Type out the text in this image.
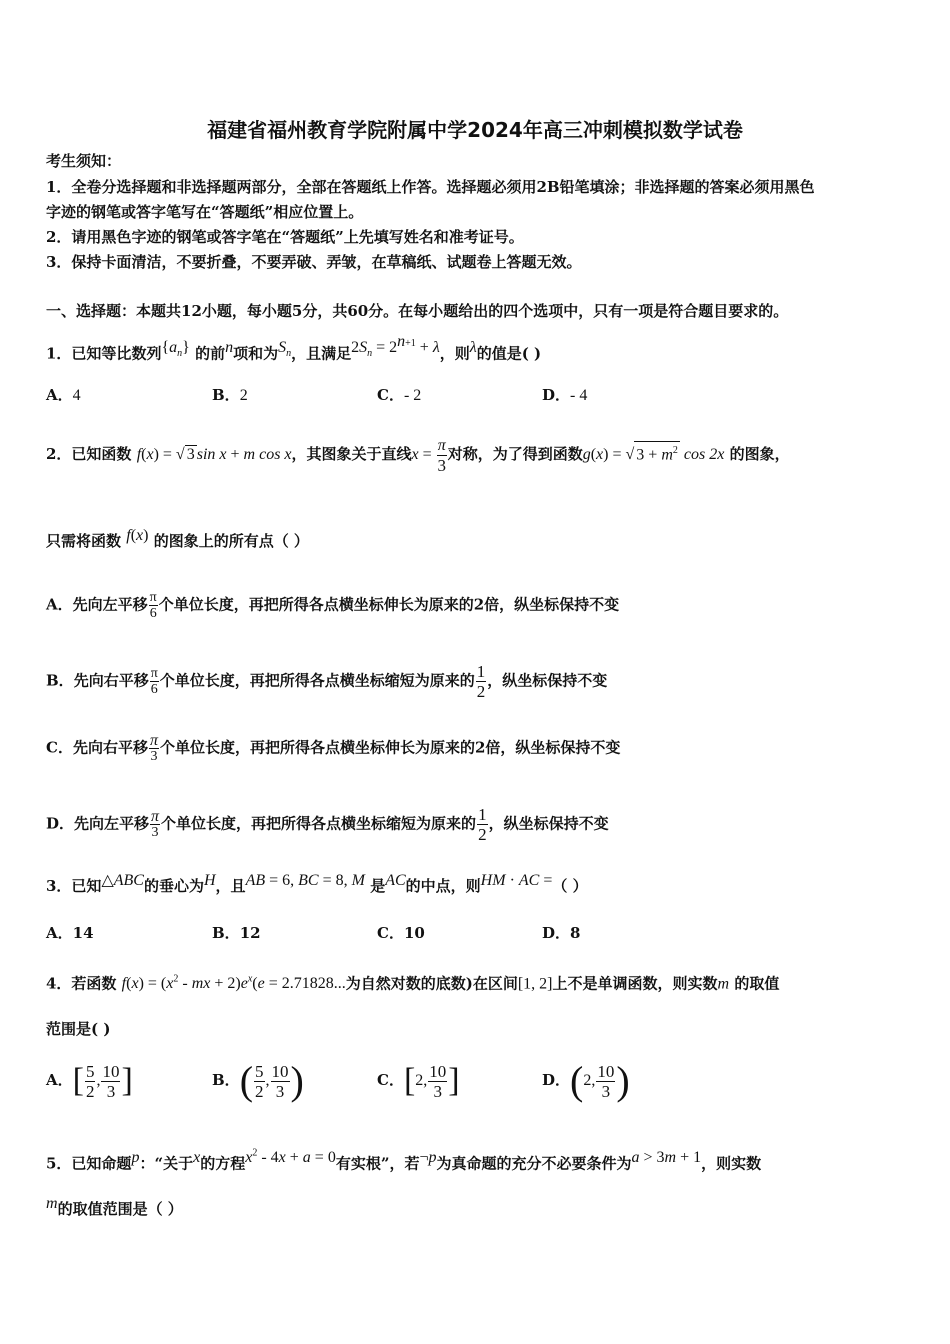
福建省福州教育学院附属中学2024年高三冲刺模拟数学试卷
考生须知：
1．全卷分选择题和非选择题两部分，全部在答题纸上作答。选择题必须用2B铅笔填涂；非选择题的答案必须用黑色
字迹的钢笔或答字笔写在“答题纸”相应位置上。
2．请用黑色字迹的钢笔或答字笔在“答题纸”上先填写姓名和准考证号。
3．保持卡面清洁，不要折叠，不要弄破、弄皱，在草稿纸、试题卷上答题无效。
一、选择题：本题共12小题，每小题5分，共60分。在每小题给出的四个选项中，只有一项是符合题目要求的。
1．已知等比数列$\{a_n\}$ 的前n项和为$S_n$，且满足$2S_n = 2^{n+1} + \lambda$，则λ的值是( )
A．4	B．2	C．- 2	D．- 4
2．已知函数 f(x) = √ 3 sin x + m cos x，其图象关于直线$x = \frac{\pi}{3}$ 对称，为了得到函数g(x) = √ $3 + m^2$ cos 2x 的图象，
只需将函数 f(x) 的图象上的所有点（ ）
A．先向左平移 $\frac{\pi}{6}$ 个单位长度，再把所得各点横坐标伸长为原来的2倍，纵坐标保持不变
B．先向右平移 $\frac{\pi}{6}$ 个单位长度，再把所得各点横坐标缩短为原来的 $\frac{1}{2}$ ，纵坐标保持不变
C．先向右平移 $\frac{\pi}{3}$ 个单位长度，再把所得各点横坐标伸长为原来的2倍，纵坐标保持不变
D．先向左平移 $\frac{\pi}{3}$ 个单位长度，再把所得各点横坐标缩短为原来的 $\frac{1}{2}$ ，纵坐标保持不变
3．已知△ABC的垂心为H，且AB = 6, BC = 8, M 是AC的中点，则HM · AC =（ ）
A．14	B．12	C．10	D．8
4．若函数 $f(x) = (x^2$ - mx + $2)e^x(e = 2.71828$...为自然对数的底数)在区间[1, 2]上不是单调函数，则实数m 的取值
范围是( )
A．[ $\frac{5}{2}$ , $\frac{10}{3}$ ]	B．( $\frac{5}{2}$ , $\frac{10}{3}$ )	C．[2, $\frac{10}{3}$ ]	D．(2, $\frac{10}{3}$ )
5．已知命题p：“关于x的方程$x^2 - 4x + a = 0$有实根”，若¬p为真命题的充分不必要条件为a > 3m + 1，则实数
m的取值范围是（ ）
